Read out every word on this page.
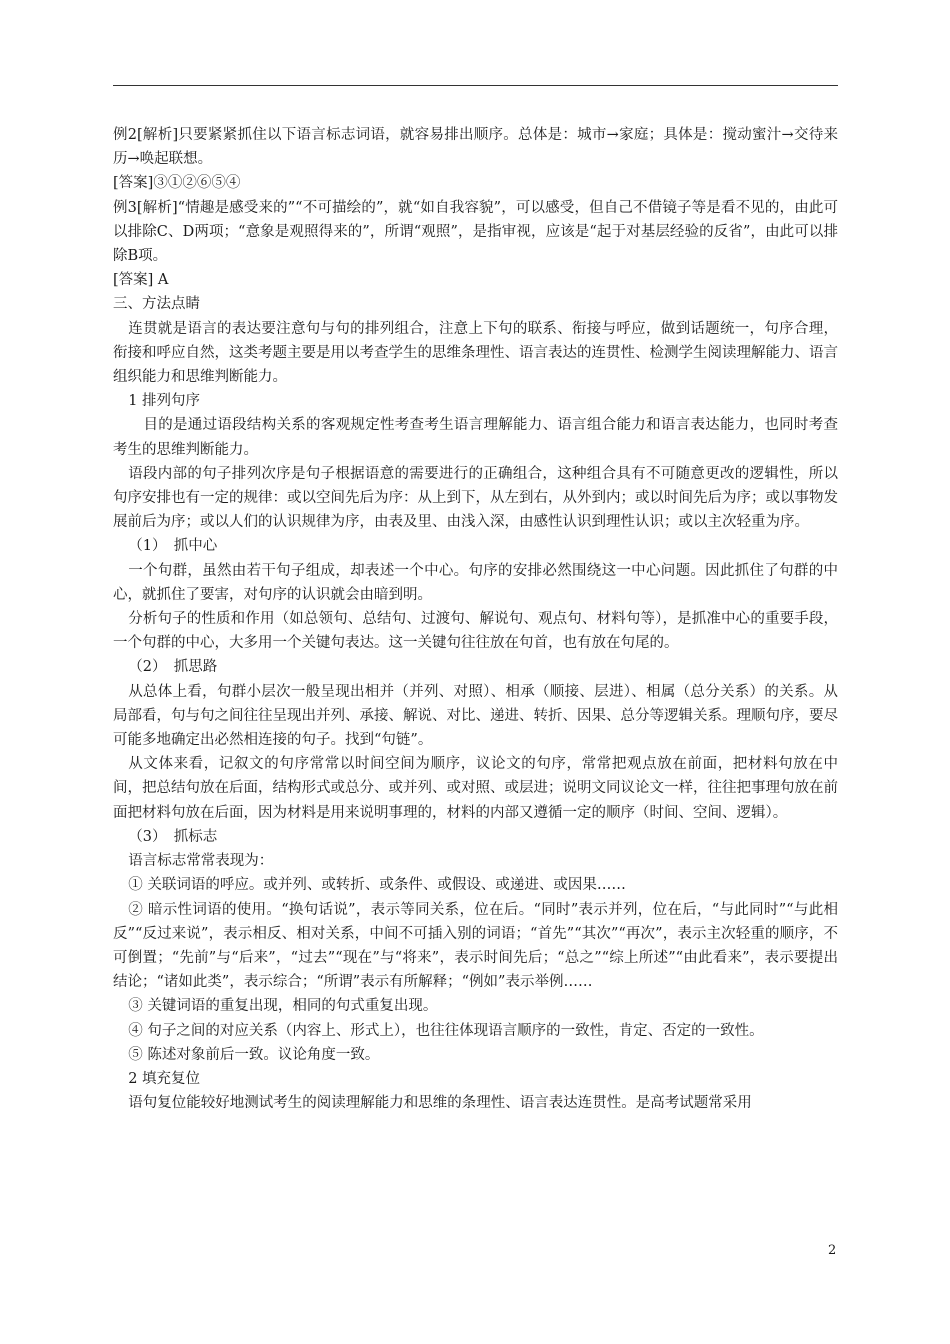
例2[解析]只要紧紧抓住以下语言标志词语，就容易排出顺序。总体是：城市→家庭；具体是：搅动蜜汁→交待来历→唤起联想。

[答案]③①②⑥⑤④

例3[解析]“情趣是感受来的”“不可描绘的”，就“如自我容貌”，可以感受，但自己不借镜子等是看不见的，由此可以排除C、D两项；“意象是观照得来的”，所谓“观照”，是指审视，应该是“起于对基层经验的反省”，由此可以排除B项。

[答案] A

三、方法点睛

连贯就是语言的表达要注意句与句的排列组合，注意上下句的联系、衔接与呼应，做到话题统一，句序合理，衔接和呼应自然，这类考题主要是用以考查学生的思维条理性、语言表达的连贯性、检测学生阅读理解能力、语言组织能力和思维判断能力。

1 排列句序

目的是通过语段结构关系的客观规定性考查考生语言理解能力、语言组合能力和语言表达能力，也同时考查考生的思维判断能力。

语段内部的句子排列次序是句子根据语意的需要进行的正确组合，这种组合具有不可随意更改的逻辑性，所以句序安排也有一定的规律：或以空间先后为序：从上到下，从左到右，从外到内；或以时间先后为序；或以事物发展前后为序；或以人们的认识规律为序，由表及里、由浅入深，由感性认识到理性认识；或以主次轻重为序。

（1）　抓中心

一个句群，虽然由若干句子组成，却表述一个中心。句序的安排必然围绕这一中心问题。因此抓住了句群的中心，就抓住了要害，对句序的认识就会由暗到明。

分析句子的性质和作用（如总领句、总结句、过渡句、解说句、观点句、材料句等），是抓准中心的重要手段，一个句群的中心，大多用一个关键句表达。这一关键句往往放在句首，也有放在句尾的。

（2）　抓思路

从总体上看，句群小层次一般呈现出相并（并列、对照）、相承（顺接、层进）、相属（总分关系）的关系。从局部看，句与句之间往往呈现出并列、承接、解说、对比、递进、转折、因果、总分等逻辑关系。理顺句序，要尽可能多地确定出必然相连接的句子。找到“句链”。

从文体来看，记叙文的句序常常以时间空间为顺序，议论文的句序，常常把观点放在前面，把材料句放在中间，把总结句放在后面，结构形式或总分、或并列、或对照、或层进；说明文同议论文一样，往往把事理句放在前面把材料句放在后面，因为材料是用来说明事理的，材料的内部又遵循一定的顺序（时间、空间、逻辑）。

（3）　抓标志

语言标志常常表现为：

① 关联词语的呼应。或并列、或转折、或条件、或假设、或递进、或因果……

② 暗示性词语的使用。“换句话说”，表示等同关系，位在后。“同时”表示并列，位在后，“与此同时”“与此相反”“反过来说”，表示相反、相对关系，中间不可插入别的词语；“首先”“其次”“再次”，表示主次轻重的顺序，不可倒置；“先前”与“后来”，“过去”“现在”与“将来”，表示时间先后；“总之”“综上所述”“由此看来”，表示要提出结论；“诸如此类”，表示综合；“所谓”表示有所解释；“例如”表示举例……

③ 关键词语的重复出现，相同的句式重复出现。

④ 句子之间的对应关系（内容上、形式上），也往往体现语言顺序的一致性，肯定、否定的一致性。

⑤ 陈述对象前后一致。议论角度一致。

2 填充复位

语句复位能较好地测试考生的阅读理解能力和思维的条理性、语言表达连贯性。是高考试题常采用

2
